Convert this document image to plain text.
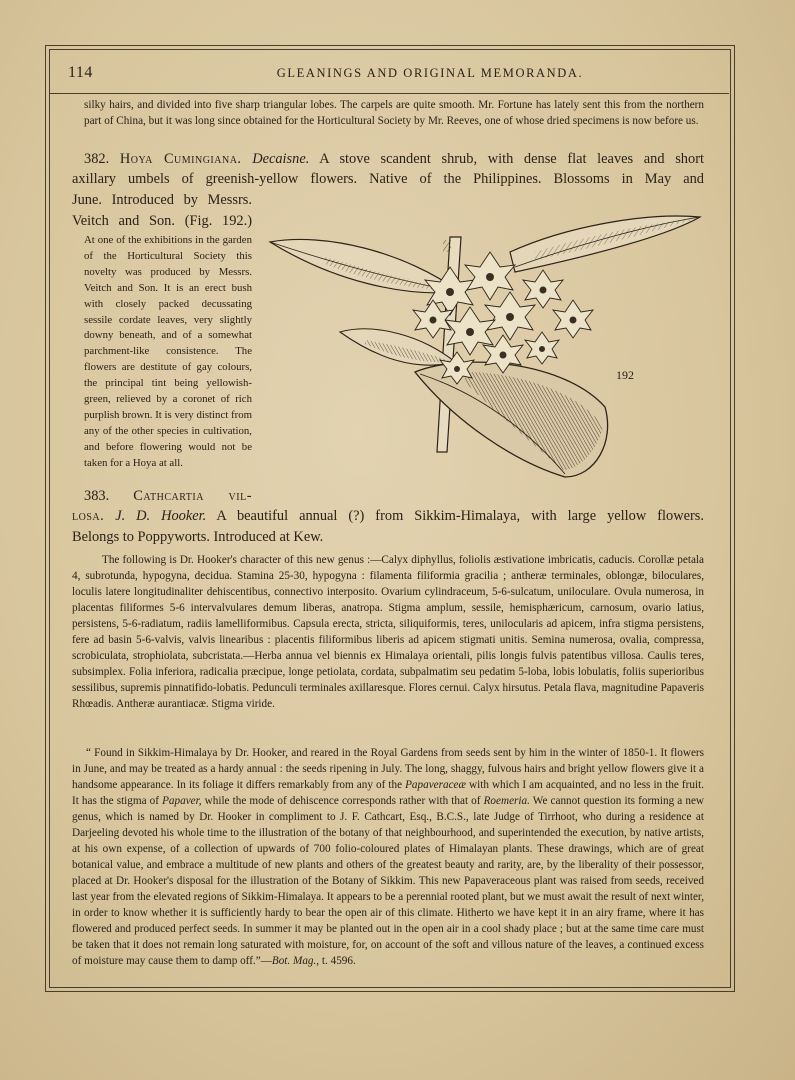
114	GLEANINGS AND ORIGINAL MEMORANDA.

silky hairs, and divided into five sharp triangular lobes. The carpels are quite smooth. Mr. Fortune has lately sent this from the northern part of China, but it was long since obtained for the Horticultural Society by Mr. Reeves, one of whose dried specimens is now before us.

382. Hoya Cumingiana. Decaisne. A stove scandent shrub, with dense flat leaves and short
axillary umbels of greenish-yellow flowers. Native of the Philippines. Blossoms in May and
June. Introduced by Messrs.
Veitch and Son. (Fig. 192.)

At one of the exhibitions in the garden of the Horticultural Society this novelty was produced by Messrs. Veitch and Son. It is an erect bush with closely packed decussating sessile cordate leaves, very slightly downy beneath, and of a somewhat parchment-like consistence. The flowers are destitute of gay colours, the principal tint being yellowish-green, relieved by a coronet of rich purplish brown. It is very distinct from any of the other species in cultivation, and before flowering would not be taken for a Hoya at all.

192
383. Cathcartia vil-
losa. J. D. Hooker. A beautiful annual (?) from Sikkim-Himalaya, with large yellow flowers.
Belongs to Poppyworts. Introduced at Kew.

The following is Dr. Hooker's character of this new genus :—Calyx diphyllus, foliolis æstivatione imbricatis, caducis. Corollæ petala 4, subrotunda, hypogyna, decidua. Stamina 25-30, hypogyna : filamenta filiformia gracilia ; antheræ terminales, oblongæ, biloculares, loculis latere longitudinaliter dehiscentibus, connectivo interposito. Ovarium cylindraceum, 5-6-sulcatum, uniloculare. Ovula numerosa, in placentas filiformes 5-6 intervalvulares demum liberas, anatropa. Stigma amplum, sessile, hemisphæricum, carnosum, ovario latius, persistens, 5-6-radiatum, radiis lamelliformibus. Capsula erecta, stricta, siliquiformis, teres, unilocularis ad apicem, infra stigma persistens, fere ad basin 5-6-valvis, valvis linearibus : placentis filiformibus liberis ad apicem stigmati unitis. Semina numerosa, ovalia, compressa, scrobiculata, strophiolata, subcristata.—Herba annua vel biennis ex Himalaya orientali, pilis longis fulvis patentibus villosa. Caulis teres, subsimplex. Folia inferiora, radicalia præcipue, longe petiolata, cordata, subpalmatim seu pedatim 5-loba, lobis lobulatis, foliis superioribus sessilibus, supremis pinnatifido-lobatis. Pedunculi terminales axillaresque. Flores cernui. Calyx hirsutus. Petala flava, magnitudine Papaveris Rhœadis. Antheræ aurantiacæ. Stigma viride.

“ Found in Sikkim-Himalaya by Dr. Hooker, and reared in the Royal Gardens from seeds sent by him in the winter of 1850-1. It flowers in June, and may be treated as a hardy annual : the seeds ripening in July. The long, shaggy, fulvous hairs and bright yellow flowers give it a handsome appearance. In its foliage it differs remarkably from any of the Papaveraceæ with which I am acquainted, and no less in the fruit. It has the stigma of Papaver, while the mode of dehiscence corresponds rather with that of Roemeria. We cannot question its forming a new genus, which is named by Dr. Hooker in compliment to J. F. Cathcart, Esq., B.C.S., late Judge of Tirrhoot, who during a residence at Darjeeling devoted his whole time to the illustration of the botany of that neighbourhood, and superintended the execution, by native artists, at his own expense, of a collection of upwards of 700 folio-coloured plates of Himalayan plants. These drawings, which are of great botanical value, and embrace a multitude of new plants and others of the greatest beauty and rarity, are, by the liberality of their possessor, placed at Dr. Hooker's disposal for the illustration of the Botany of Sikkim. This new Papaveraceous plant was raised from seeds, received last year from the elevated regions of Sikkim-Himalaya. It appears to be a perennial rooted plant, but we must await the result of next winter, in order to know whether it is sufficiently hardy to bear the open air of this climate. Hitherto we have kept it in an airy frame, where it has flowered and produced perfect seeds. In summer it may be planted out in the open air in a cool shady place ; but at the same time care must be taken that it does not remain long saturated with moisture, for, on account of the soft and villous nature of the leaves, a continued excess of moisture may cause them to damp off.”—Bot. Mag., t. 4596.
